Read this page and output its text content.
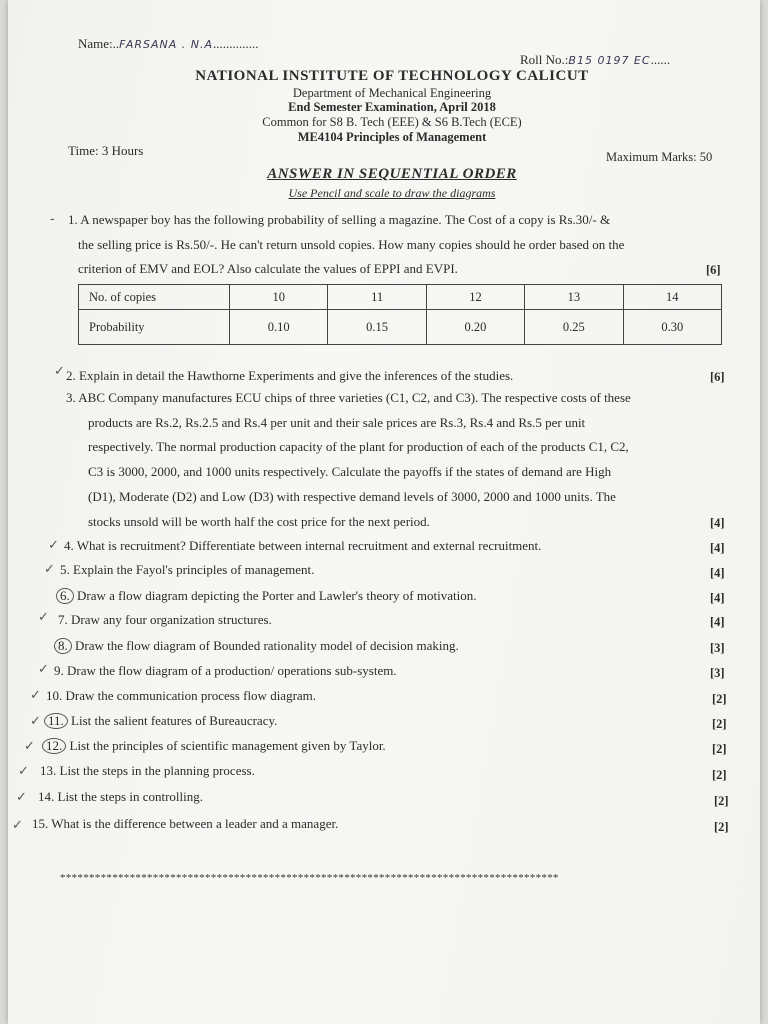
Name:..FARSANA . N.A..............
Roll No.:B15 0197 EC......
NATIONAL INSTITUTE OF TECHNOLOGY CALICUT
Department of Mechanical Engineering
End Semester Examination, April 2018
Common for S8 B. Tech (EEE) & S6 B.Tech (ECE)
ME4104 Principles of Management
Time: 3 Hours	Maximum Marks: 50
ANSWER IN SEQUENTIAL ORDER
Use Pencil and scale to draw the diagrams
- 1. A newspaper boy has the following probability of selling a magazine. The Cost of a copy is Rs.30/- &
the selling price is Rs.50/-. He can't return unsold copies. How many copies should he order based on the
criterion of EMV and EOL? Also calculate the values of EPPI and EVPI.	[6]
No. of copies	10	11	12	13	14
Probability	0.10	0.15	0.20	0.25	0.30
✓ 2. Explain in detail the Hawthorne Experiments and give the inferences of the studies.	[6]
3. ABC Company manufactures ECU chips of three varieties (C1, C2, and C3). The respective costs of these
products are Rs.2, Rs.2.5 and Rs.4 per unit and their sale prices are Rs.3, Rs.4 and Rs.5 per unit
respectively. The normal production capacity of the plant for production of each of the products C1, C2,
C3 is 3000, 2000, and 1000 units respectively. Calculate the payoffs if the states of demand are High
(D1), Moderate (D2) and Low (D3) with respective demand levels of 3000, 2000 and 1000 units. The
stocks unsold will be worth half the cost price for the next period.	[4]
✓ 4. What is recruitment? Differentiate between internal recruitment and external recruitment.	[4]
✓ 5. Explain the Fayol's principles of management.	[4]
6. Draw a flow diagram depicting the Porter and Lawler's theory of motivation.	[4]
✓ 7. Draw any four organization structures.	[4]
8. Draw the flow diagram of Bounded rationality model of decision making.	[3]
✓ 9. Draw the flow diagram of a production/ operations sub-system.	[3]
✓ 10. Draw the communication process flow diagram.	[2]
✓ 11. List the salient features of Bureaucracy.	[2]
✓ 12. List the principles of scientific management given by Taylor.	[2]
✓ 13. List the steps in the planning process.	[2]
✓ 14. List the steps in controlling.	[2]
✓ 15. What is the difference between a leader and a manager.	[2]
**************************************************************************************
